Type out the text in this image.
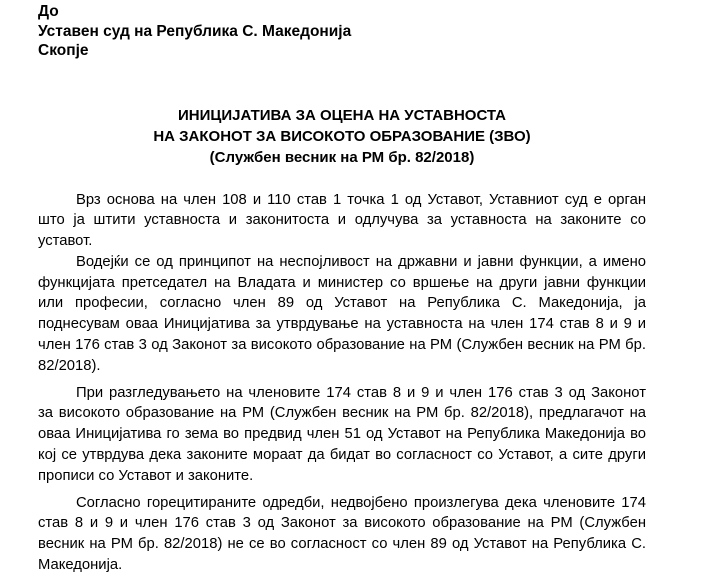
До
Уставен суд на Република С. Македонија
Скопје
ИНИЦИЈАТИВА ЗА ОЦЕНА НА УСТАВНОСТА
НА ЗАКОНОТ ЗА ВИСОКОТО ОБРАЗОВАНИЕ (ЗВО)
(Службен весник на РМ бр. 82/2018)
Врз основа на член 108 и 110 став 1 точка 1 од Уставот, Уставниот суд е орган
што ја штити уставноста и законитоста и одлучува за уставноста на законите со
уставот.
Водејќи се од принципот на неспојливост на државни и јавни функции, а имено
функцијата претседател на Владата и министер со вршење на други јавни функции
или професии, согласно член 89 од Уставот на Република С. Македонија, ја
поднесувам оваа Иницијатива за утврдување на уставноста на член 174 став 8 и 9 и
член 176 став 3 од Законот за високото образование на РМ (Службен весник на РМ бр.
82/2018).
При разгледувањето на членовите 174 став 8 и 9 и член 176 став 3 од Законот
за високото образование на РМ (Службен весник на РМ бр. 82/2018), предлагачот на
оваа Иницијатива го зема во предвид член 51 од Уставот на Република Македонија во
кој се утврдува дека законите мораат да бидат во согласност со Уставот, а сите други
прописи со Уставот и законите.
Согласно горецитираните одредби, недвојбено произлегува дека членовите 174
став 8 и 9 и член 176 став 3 од Законот за високото образование на РМ (Службен
весник на РМ бр. 82/2018) не се во согласност со член 89 од Уставот на Република С.
Македонија.
